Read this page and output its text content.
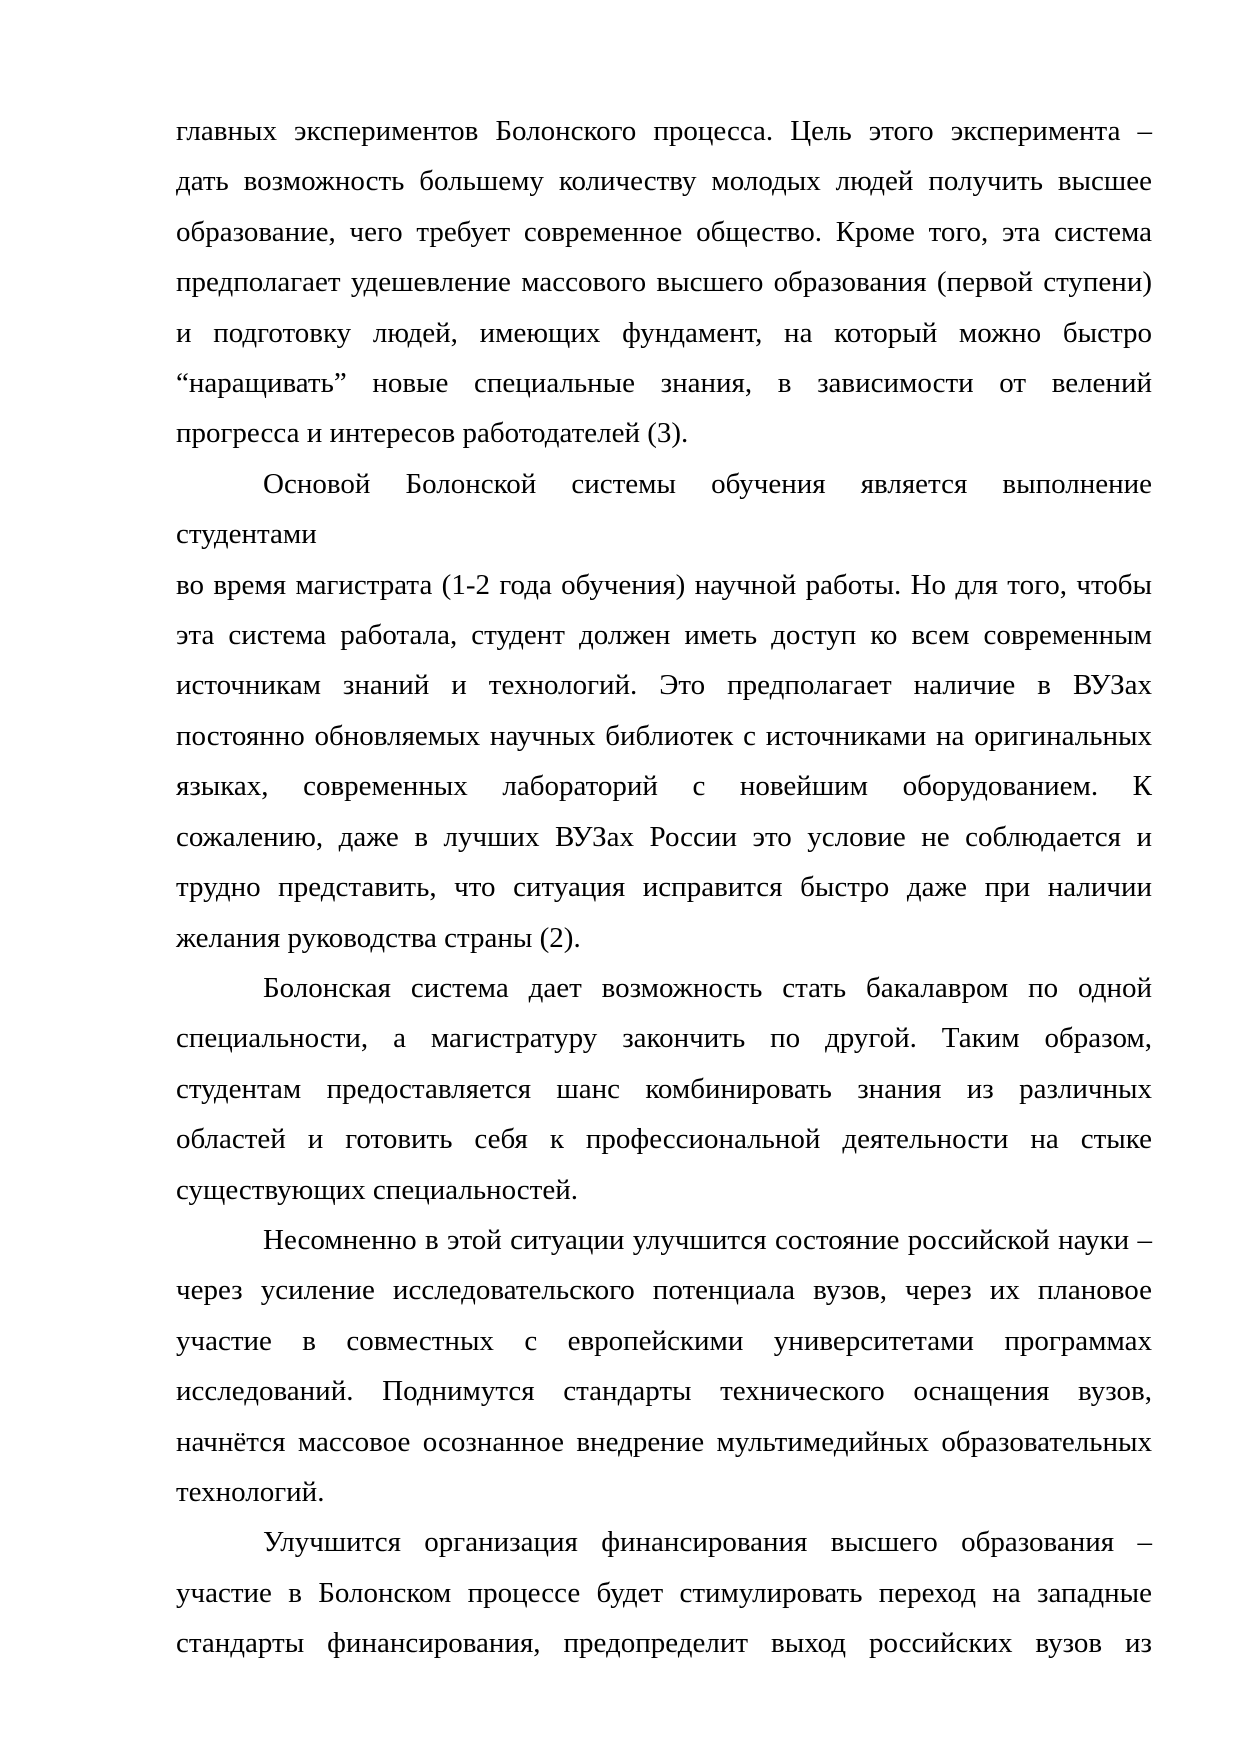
главных экспериментов Болонского процесса. Цель этого эксперимента –
дать возможность большему количеству молодых людей получить высшее
образование, чего требует современное общество. Кроме того, эта система
предполагает удешевление массового высшего образования (первой ступени)
и подготовку людей, имеющих фундамент, на который можно быстро
“наращивать” новые специальные знания, в зависимости от велений
прогресса и интересов работодателей (3).
Основой Болонской системы обучения является выполнение студентами
во время магистрата (1-2 года обучения) научной работы. Но для того, чтобы
эта система работала, студент должен иметь доступ ко всем современным
источникам знаний и технологий. Это предполагает наличие в ВУЗах
постоянно обновляемых научных библиотек с источниками на оригинальных
языках, современных лабораторий с новейшим оборудованием. К
сожалению, даже в лучших ВУЗах России это условие не соблюдается и
трудно представить, что ситуация исправится быстро даже при наличии
желания руководства страны (2).
Болонская система дает возможность стать бакалавром по одной
специальности, а магистратуру закончить по другой. Таким образом,
студентам предоставляется шанс комбинировать знания из различных
областей и готовить себя к профессиональной деятельности на стыке
существующих специальностей.
Несомненно в этой ситуации улучшится состояние российской науки –
через усиление исследовательского потенциала вузов, через их плановое
участие в совместных с европейскими университетами программах
исследований. Поднимутся стандарты технического оснащения вузов,
начнётся массовое осознанное внедрение мультимедийных образовательных
технологий.
Улучшится организация финансирования высшего образования –
участие в Болонском процессе будет стимулировать переход на западные
стандарты финансирования, предопределит выход российских вузов из
